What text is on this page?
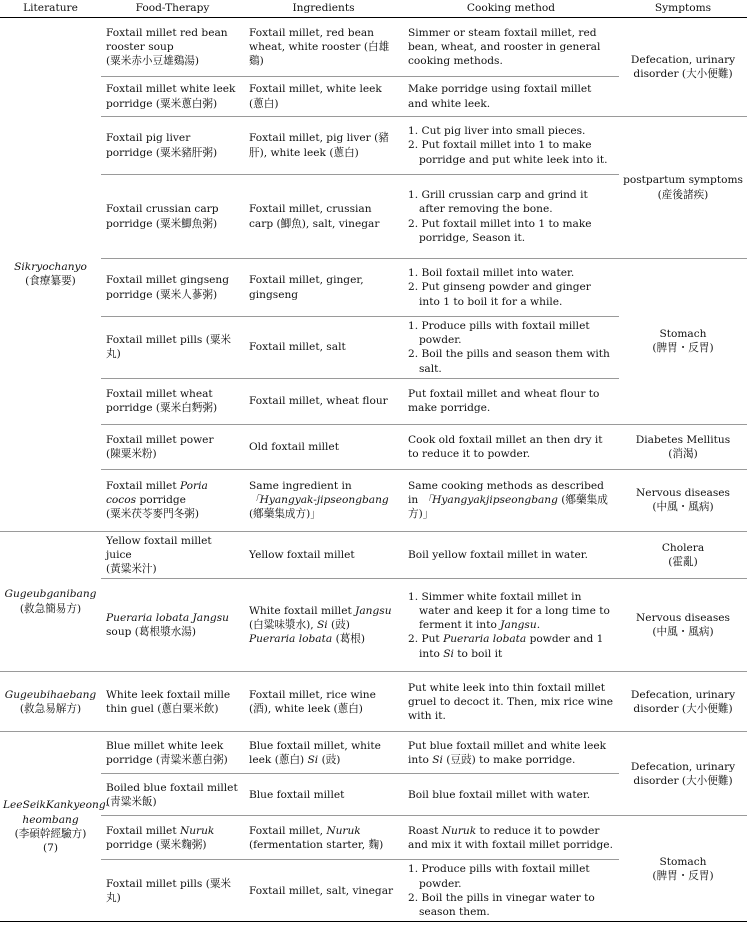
Literature	Food-Therapy	Ingredients	Cooking method	Symptoms

Sikryochanyo
(食療纂要)	Foxtail millet red bean rooster soup
(粟米赤小豆雄鷄湯)	Foxtail millet, red bean wheat, white rooster (白雄鷄)	Simmer or steam foxtail millet, red bean, wheat, and rooster in general cooking methods.	Defecation, urinary
disorder (大小便難)

	Foxtail millet white leek porridge (粟米蔥白粥)	Foxtail millet, white leek (蔥白)	Make porridge using foxtail millet and white leek.	
	Foxtail pig liver porridge (粟米豬肝粥)	Foxtail millet, pig liver (豬肝), white leek (蔥白)	1. Cut pig liver into small pieces.
2. Put foxtail millet into 1 to make porridge and put white leek into it.	postpartum symptoms
(産後諸疾)

	Foxtail crussian carp porridge (粟米鯽魚粥)	Foxtail millet, crussian carp (鯽魚), salt, vinegar	1. Grill crussian carp and grind it after removing the bone.
2. Put foxtail millet into 1 to make porridge, Season it.	

	Foxtail millet gingseng porridge (粟米人蔘粥)	Foxtail millet, ginger, gingseng	1. Boil foxtail millet into water.
2. Put ginseng powder and ginger into 1 to boil it for a while.	Stomach
(脾胃・反胃)

	Foxtail millet pills (粟米丸)	Foxtail millet, salt	1. Produce pills with foxtail millet powder.
2. Boil the pills and season them with salt.	

	Foxtail millet wheat porridge (粟米白麪粥)	Foxtail millet, wheat flour	Put foxtail millet and wheat flour to make porridge.	

	Foxtail millet power
(陳粟米粉)	Old foxtail millet	Cook old foxtail millet an then dry it to reduce it to powder.	Diabetes Mellitus
(消渴)

	Foxtail millet Poria cocos porridge
(粟米茯苓麥門冬粥)	Same ingredient in 「Hyangyak-jipseongbang (鄕藥集成方)」	Same cooking methods as described in 「Hyangyakjipseongbang (鄕藥集成方)」	Nervous diseases
(中風・風病)

Gugeubganibang
(救急簡易方)	Yellow foxtail millet juice
(黃粱米汁)	Yellow foxtail millet	Boil yellow foxtail millet in water.	Cholera
(霍亂)

	Pueraria lobata Jangsu soup (葛根漿水湯)	White foxtail millet Jangsu (白粱味漿水), Si (豉) Pueraria lobata (葛根)	1. Simmer white foxtail millet in water and keep it for a long time to ferment it into Jangsu.
2. Put Pueraria lobata powder and 1 into Si to boil it	Nervous diseases
(中風・風病)

Gugeubihaebang
(救急易解方)	White leek foxtail mille thin guel (蔥白粟米飲)	Foxtail millet, rice wine (酒), white leek (蔥白)	Put white leek into thin foxtail millet gruel to decoct it. Then, mix rice wine with it.	Defecation, urinary
disorder (大小便難)

LeeSeikKankyeong-heombang
(李碩幹經驗方)
(7)	Blue millet white leek porridge (靑粱米蔥白粥)	Blue foxtail millet, white leek (蔥白) Si (豉)	Put blue foxtail millet and white leek into Si (豆豉) to make porridge.	Defecation, urinary
disorder (大小便難)

	Boiled blue foxtail millet
(靑粱米飯)	Blue foxtail millet	Boil blue foxtail millet with water.	
	Foxtail millet Nuruk porridge (粟米麴粥)	Foxtail millet, Nuruk (fermentation starter, 麴)	Roast Nuruk to reduce it to powder and mix it with foxtail millet porridge.	Stomach
(脾胃・反胃)

	Foxtail millet pills (粟米丸)	Foxtail millet, salt, vinegar	1. Produce pills with foxtail millet powder.
2. Boil the pills in vinegar water to season them.	
